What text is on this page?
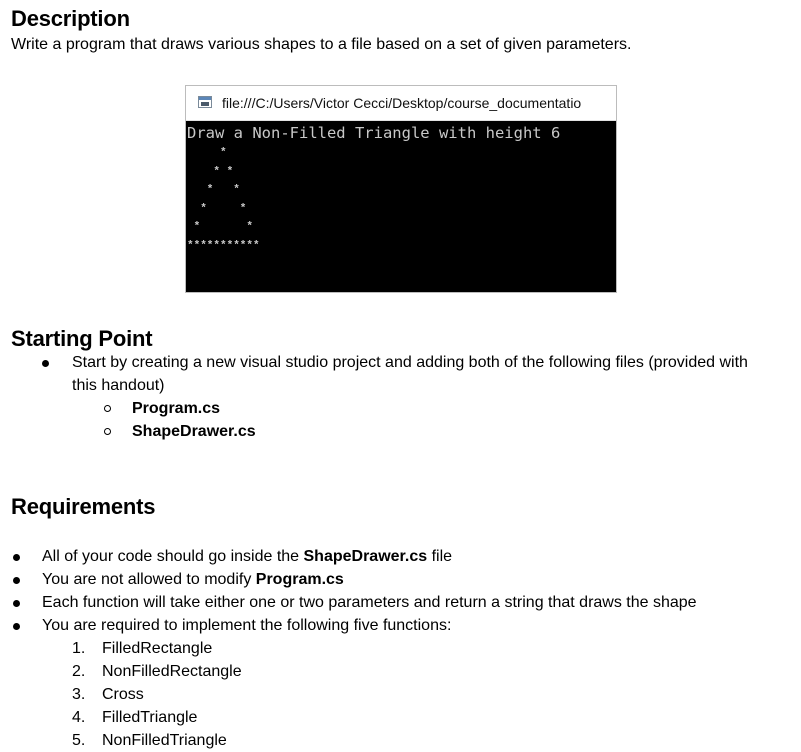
Description

Write a program that draws various shapes to a file based on a set of given parameters.

file:///C:/Users/Victor Cecci/Desktop/course_documentatio
Draw a Non-Filled Triangle with height 6
*
* *
*   *
*     *
*       *
***********
Starting Point

Start by creating a new visual studio project and adding both of the following files (provided with

this handout)

Program.cs

ShapeDrawer.cs

Requirements

All of your code should go inside the ShapeDrawer.cs file

You are not allowed to modify Program.cs

Each function will take either one or two parameters and return a string that draws the shape

You are required to implement the following five functions:

1. FilledRectangle
2. NonFilledRectangle
3. Cross
4. FilledTriangle
5. NonFilledTriangle
